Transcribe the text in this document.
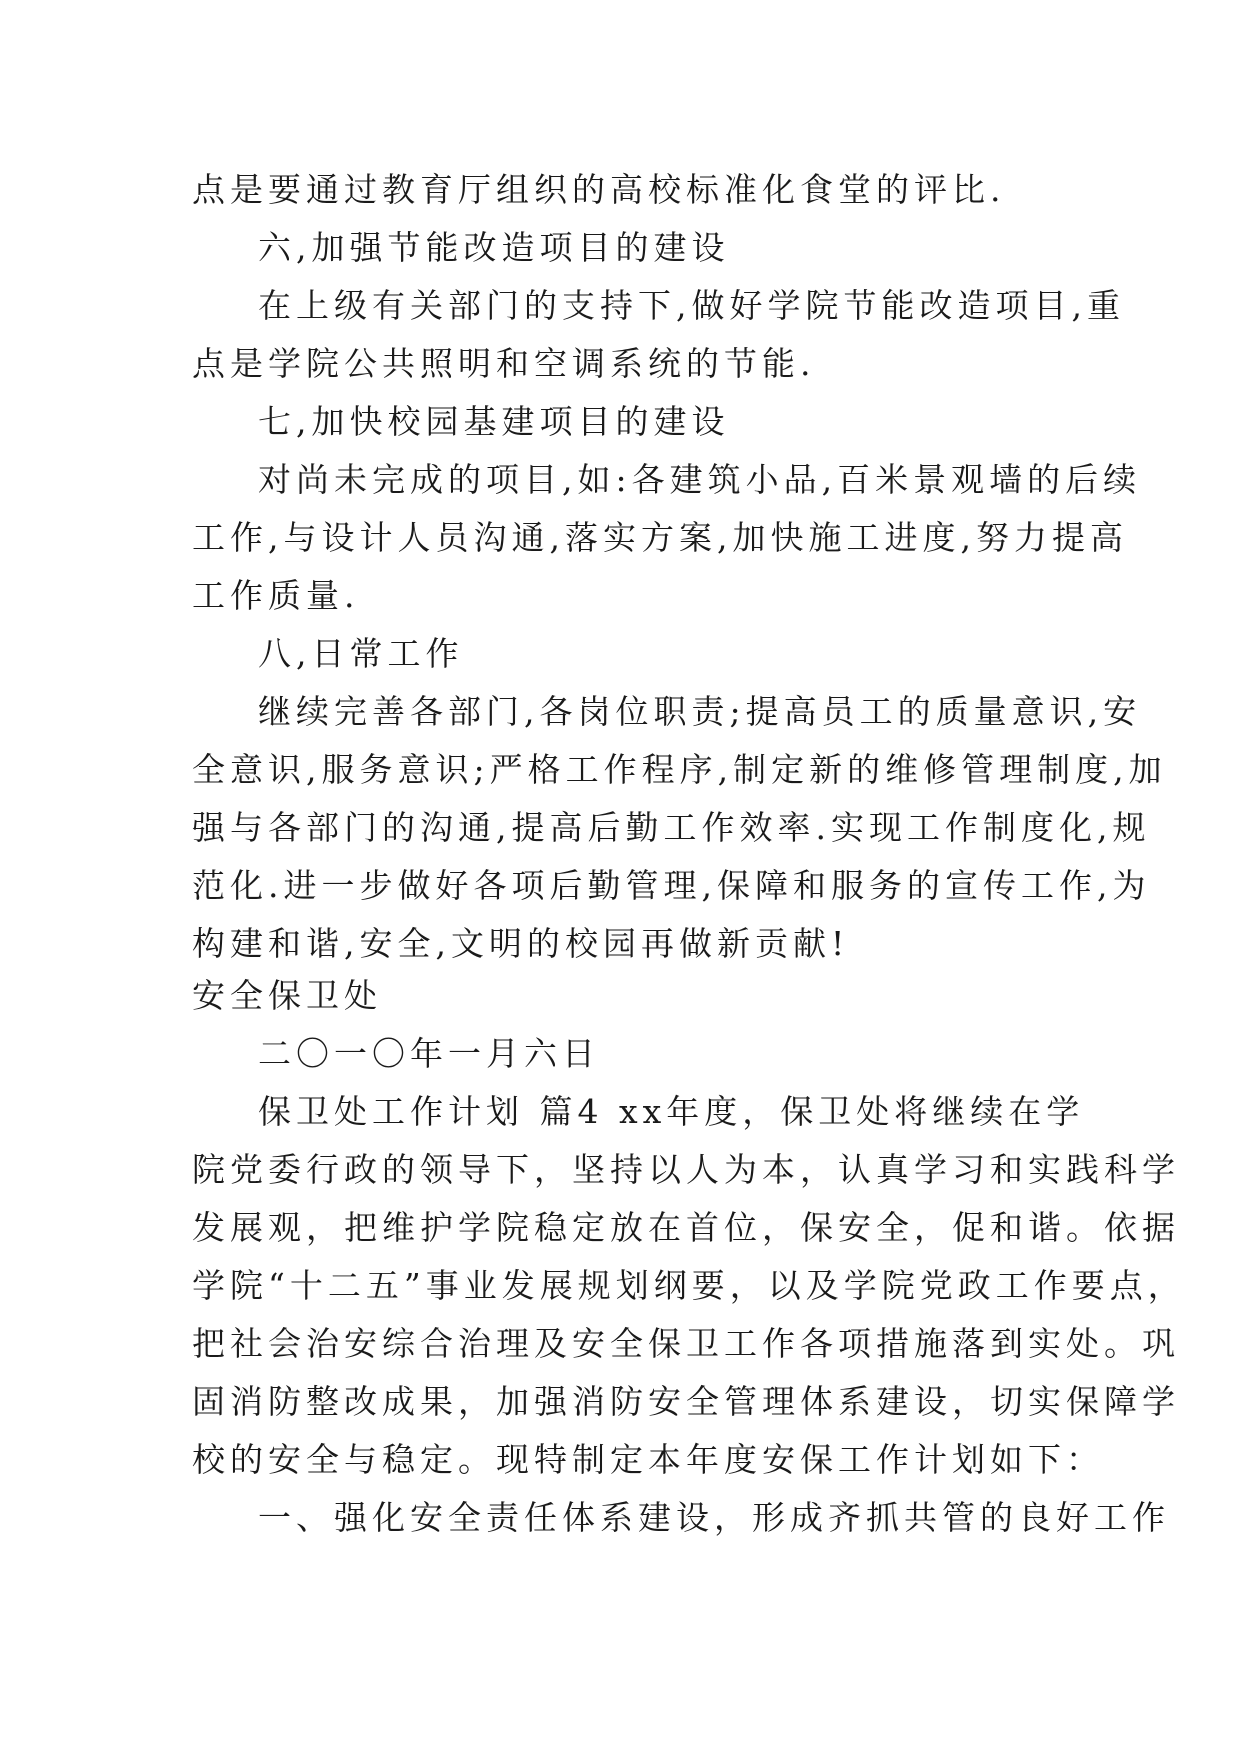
点是要通过教育厅组织的高校标准化食堂的评比.
六,加强节能改造项目的建设
在上级有关部门的支持下,做好学院节能改造项目,重
点是学院公共照明和空调系统的节能.
七,加快校园基建项目的建设
对尚未完成的项目,如:各建筑小品,百米景观墙的后续
工作,与设计人员沟通,落实方案,加快施工进度,努力提高
工作质量.
八,日常工作
继续完善各部门,各岗位职责;提高员工的质量意识,安
全意识,服务意识;严格工作程序,制定新的维修管理制度,加
强与各部门的沟通,提高后勤工作效率.实现工作制度化,规
范化.进一步做好各项后勤管理,保障和服务的宣传工作,为
构建和谐,安全,文明的校园再做新贡献!
安全保卫处
二〇一〇年一月六日
保卫处工作计划 篇4 xx年度，保卫处将继续在学
院党委行政的领导下，坚持以人为本，认真学习和实践科学
发展观，把维护学院稳定放在首位，保安全，促和谐。依据
学院“十二五”事业发展规划纲要，以及学院党政工作要点，
把社会治安综合治理及安全保卫工作各项措施落到实处。巩
固消防整改成果，加强消防安全管理体系建设，切实保障学
校的安全与稳定。现特制定本年度安保工作计划如下：
一、强化安全责任体系建设，形成齐抓共管的良好工作
